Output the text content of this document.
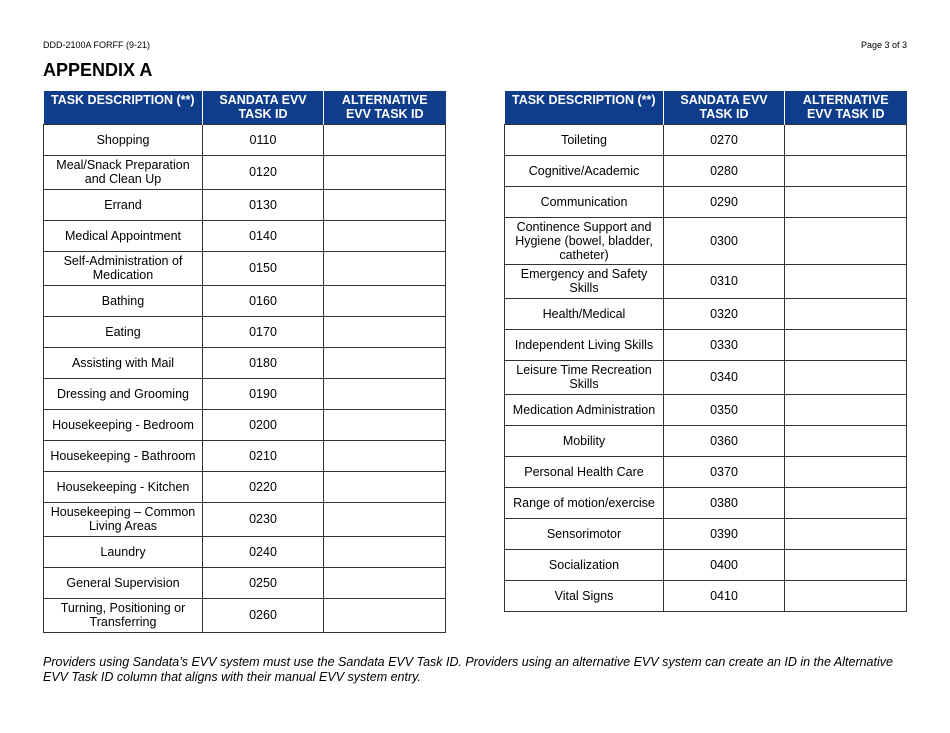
DDD-2100A FORFF (9-21)	Page 3 of 3
APPENDIX A
TASK DESCRIPTION (**)	SANDATA EVV TASK ID	ALTERNATIVE EVV TASK ID
Shopping	0110	
Meal/Snack Preparation and Clean Up	0120	
Errand	0130	
Medical Appointment	0140	
Self-Administration of Medication	0150	
Bathing	0160	
Eating	0170	
Assisting with Mail	0180	
Dressing and Grooming	0190	
Housekeeping - Bedroom	0200	
Housekeeping - Bathroom	0210	
Housekeeping - Kitchen	0220	
Housekeeping – Common Living Areas	0230	
Laundry	0240	
General Supervision	0250	
Turning, Positioning or Transferring	0260	
TASK DESCRIPTION (**)	SANDATA EVV TASK ID	ALTERNATIVE EVV TASK ID
Toileting	0270	
Cognitive/Academic	0280	
Communication	0290	
Continence Support and Hygiene (bowel, bladder, catheter)	0300	
Emergency and Safety Skills	0310	
Health/Medical	0320	
Independent Living Skills	0330	
Leisure Time Recreation Skills	0340	
Medication Administration	0350	
Mobility	0360	
Personal Health Care	0370	
Range of motion/exercise	0380	
Sensorimotor	0390	
Socialization	0400	
Vital Signs	0410	

Providers using Sandata’s EVV system must use the Sandata EVV Task ID. Providers using an alternative EVV system can create an ID in the Alternative EVV Task ID column that aligns with their manual EVV system entry.
